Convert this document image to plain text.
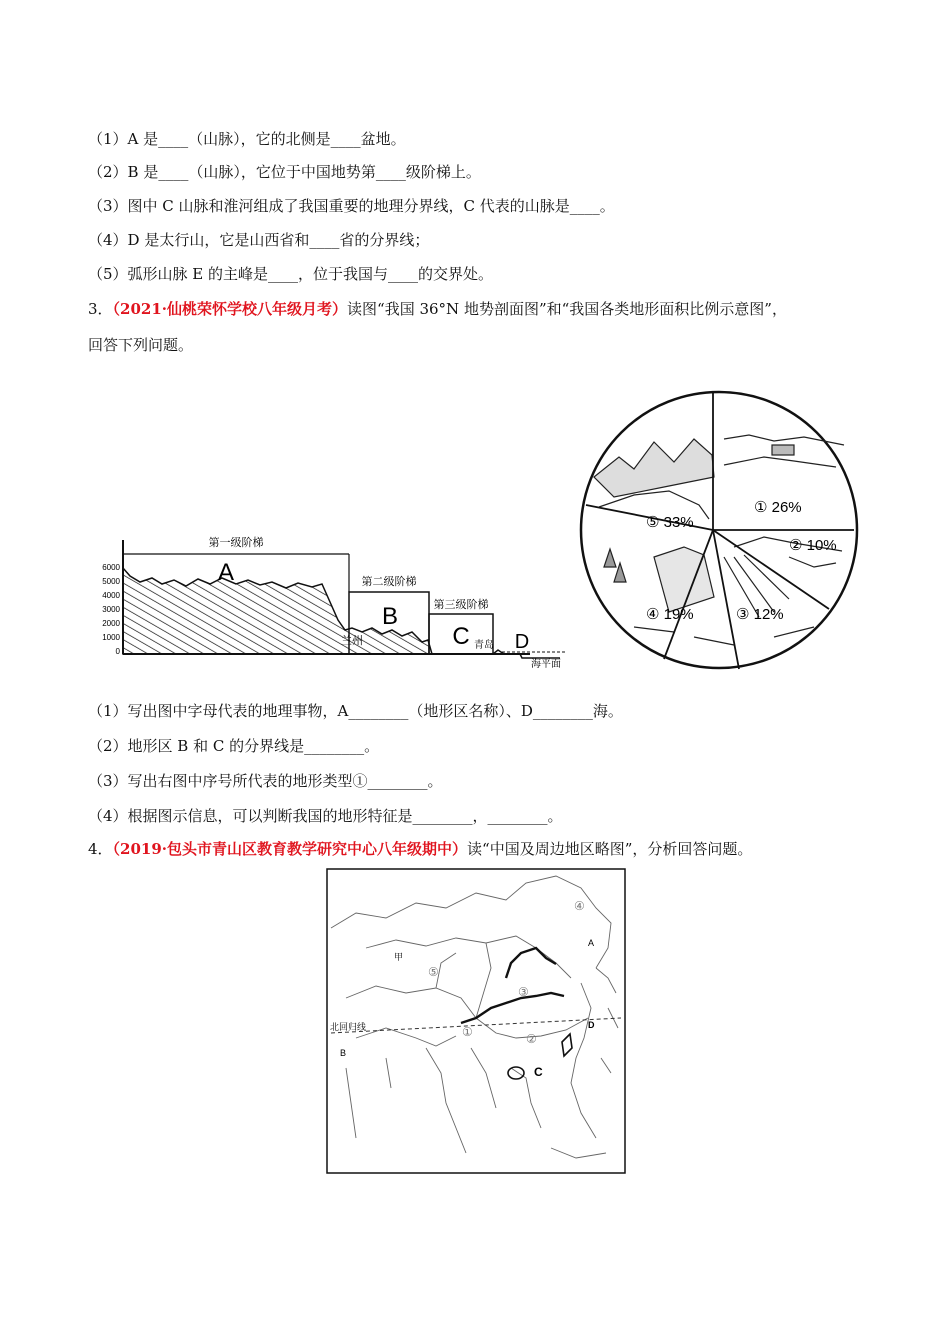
（1）A 是____（山脉），它的北侧是____盆地。
（2）B 是____（山脉），它位于中国地势第____级阶梯上。
（3）图中 C 山脉和淮河组成了我国重要的地理分界线，C 代表的山脉是____。
（4）D 是太行山，它是山西省和____省的分界线；
（5）弧形山脉 E 的主峰是____，位于我国与____的交界处。
3．（2021·仙桃荣怀学校八年级月考）读图“我国 36°N 地势剖面图”和“我国各类地形面积比例示意图”，
回答下列问题。
6000
5000
4000
3000
2000
1000
0
第一级阶梯
第二级阶梯
第三级阶梯
A
B
C D
兰州	青岛
海平面
⑤ 33%
① 26%
② 10%
③ 12%
④ 19%
（1）写出图中字母代表的地理事物，A________（地形区名称）、D________海。
（2）地形区 B 和 C 的分界线是________。
（3）写出右图中序号所代表的地形类型①________。
（4）根据图示信息，可以判断我国的地形特征是________，________。
4．（2019·包头市青山区教育教学研究中心八年级期中）读“中国及周边地区略图”，分析回答问题。
甲
⑤
③
④
A
B
C
D
①	②
北回归线
